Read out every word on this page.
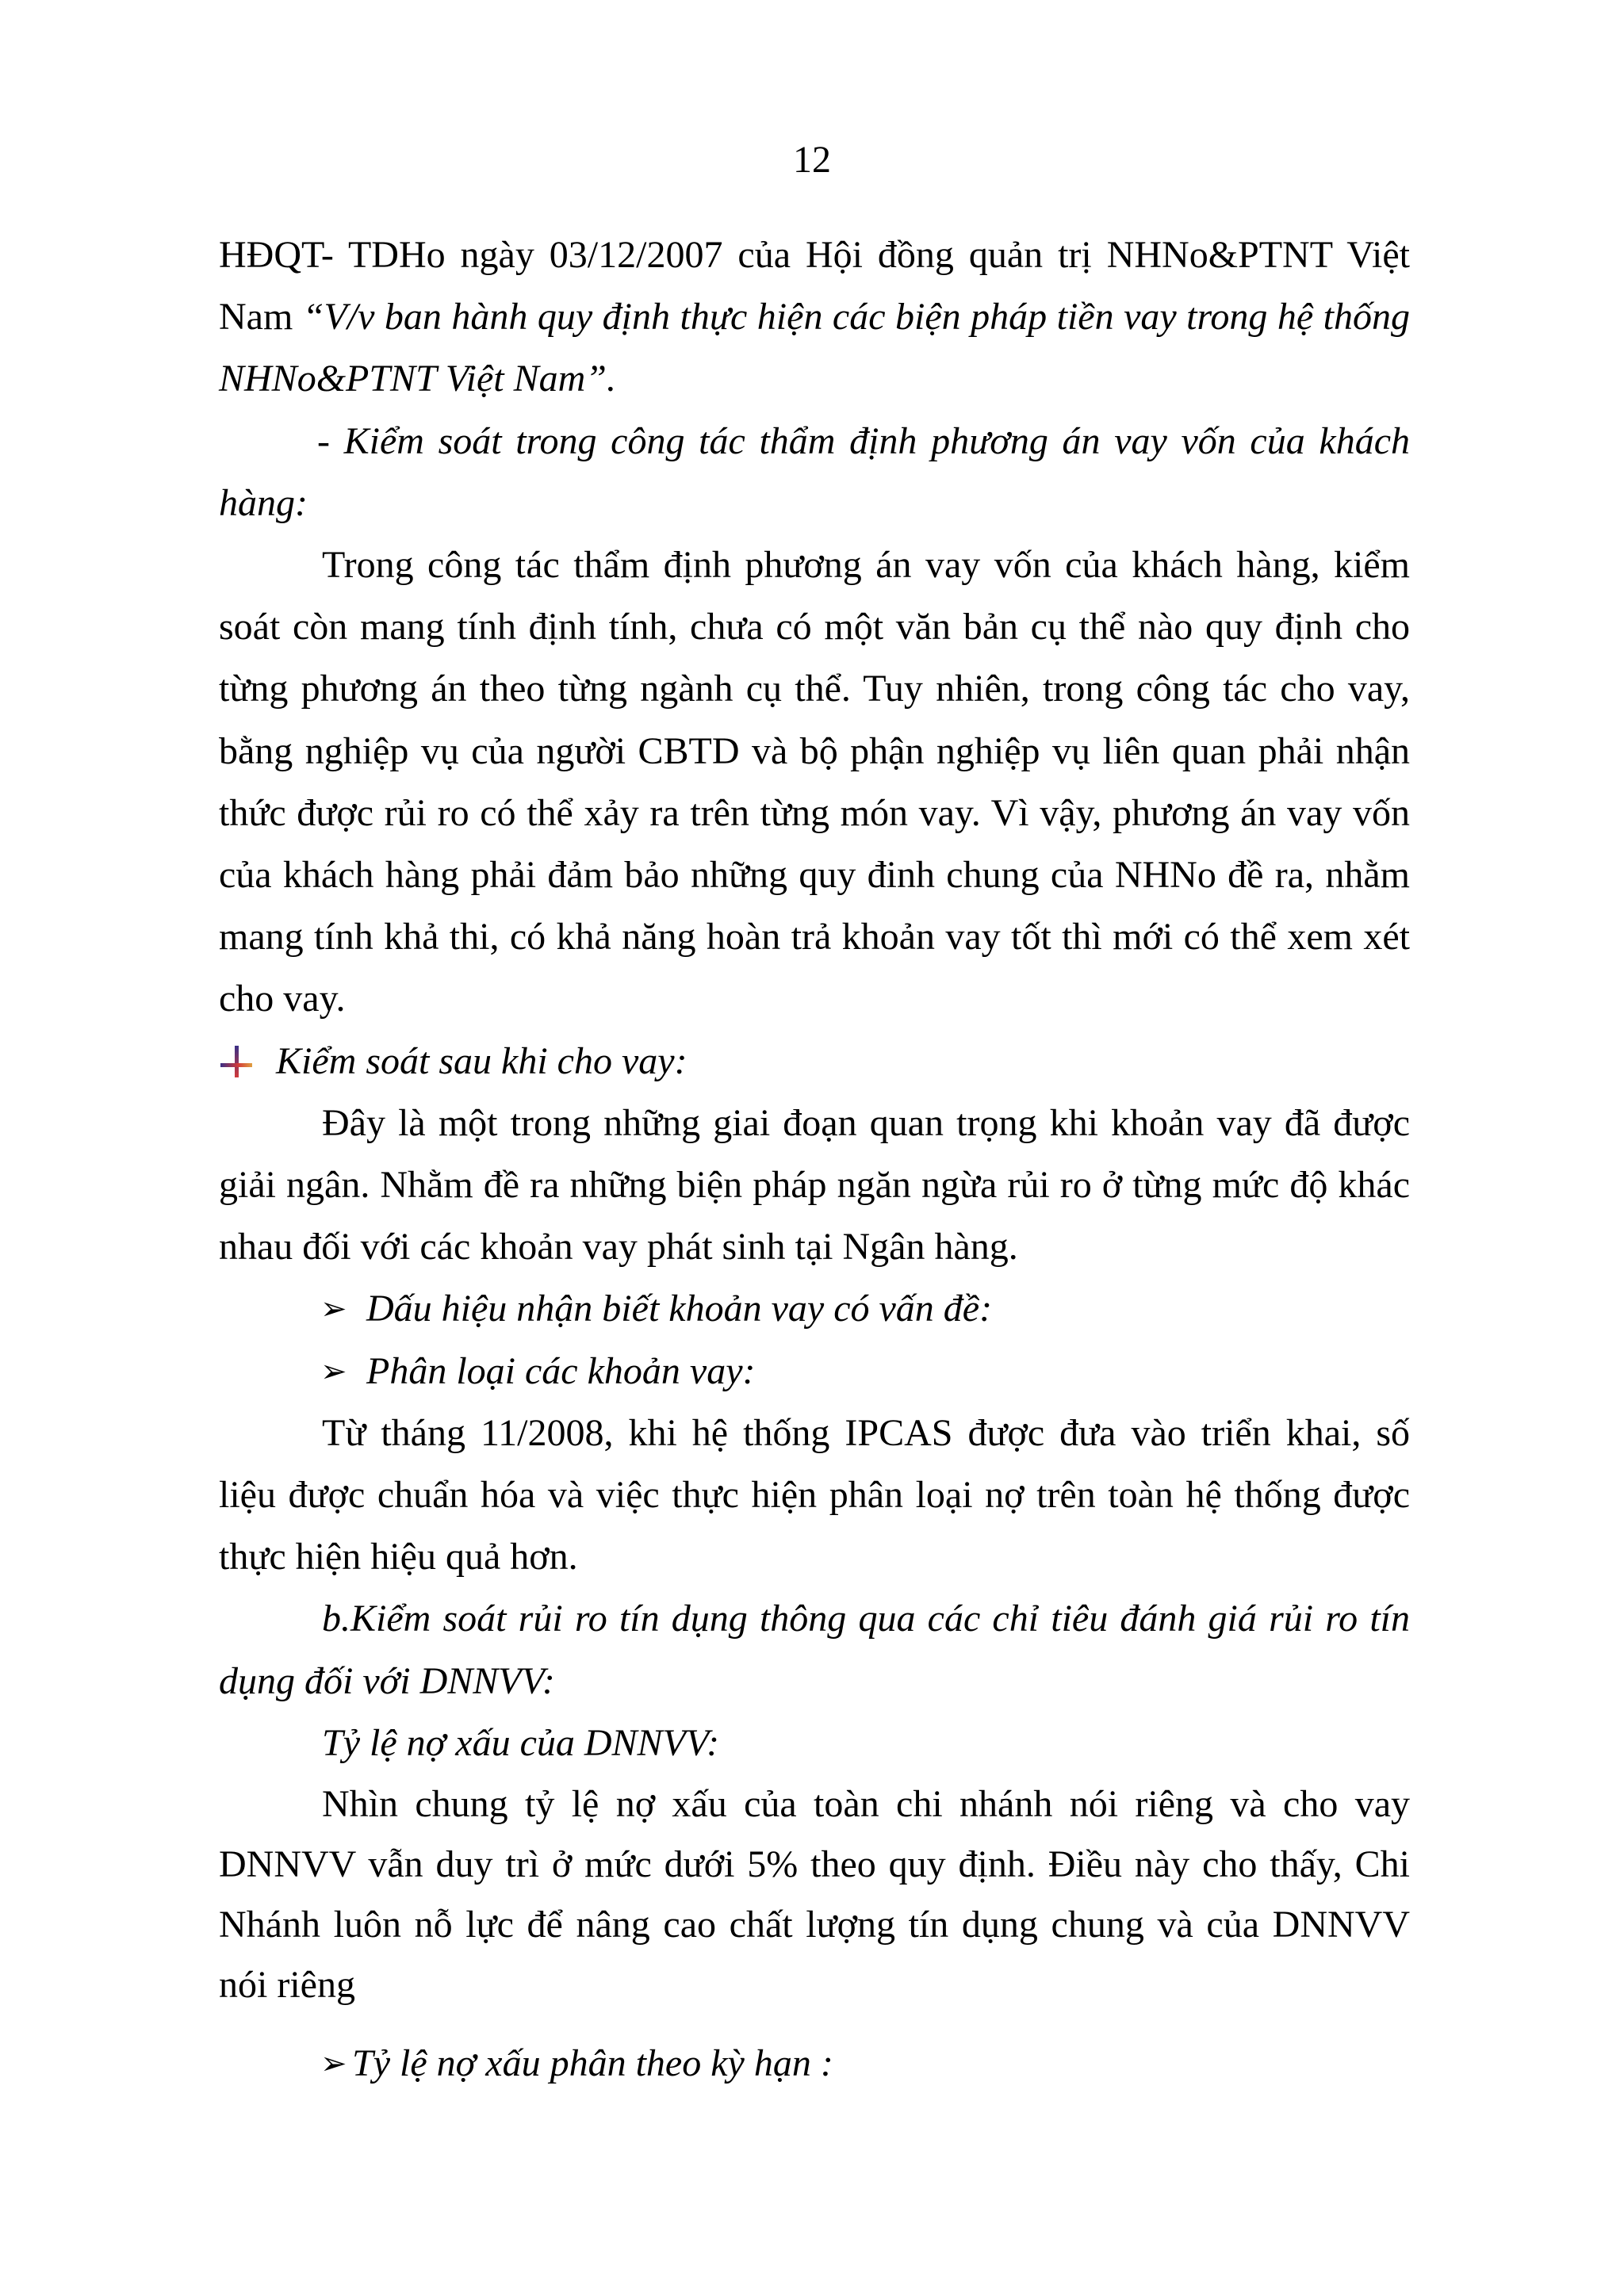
12

HĐQT- TDHo ngày 03/12/2007 của Hội đồng quản trị NHNo&PTNT Việt Nam “V/v ban hành quy định thực hiện các biện pháp tiền vay trong hệ thống NHNo&PTNT Việt Nam”.

- Kiểm soát trong công tác thẩm định phương án vay vốn của khách hàng:

Trong công tác thẩm định phương án vay vốn của khách hàng, kiểm soát còn mang tính định tính, chưa có một văn bản cụ thể nào quy định cho từng phương án theo từng ngành cụ thể. Tuy nhiên, trong công tác cho vay, bằng nghiệp vụ của người CBTD và bộ phận nghiệp vụ liên quan phải nhận thức được rủi ro có thể xảy ra trên từng món vay. Vì vậy, phương án vay vốn của khách hàng phải đảm bảo những quy đinh chung của NHNo đề ra, nhằm mang tính khả thi, có khả năng hoàn trả khoản vay tốt thì mới có thể xem xét cho vay.

Kiểm soát sau khi cho vay:

Đây là một trong những giai đoạn quan trọng khi khoản vay đã được giải ngân. Nhằm đề ra những biện pháp ngăn ngừa rủi ro ở từng mức độ khác nhau đối với các khoản vay phát sinh tại Ngân hàng.

➢ Dấu hiệu nhận biết khoản vay có vấn đề:

➢ Phân loại các khoản vay:

Từ tháng 11/2008, khi hệ thống IPCAS được đưa vào triển khai, số liệu được chuẩn hóa và việc thực hiện phân loại nợ trên toàn hệ thống được thực hiện hiệu quả hơn.

b.Kiểm soát rủi ro tín dụng thông qua các chỉ tiêu đánh giá rủi ro tín dụng đối với DNNVV:

Tỷ lệ nợ xấu của DNNVV:

Nhìn chung tỷ lệ nợ xấu của toàn chi nhánh nói riêng và cho vay DNNVV vẫn duy trì ở mức dưới 5% theo quy định. Điều này cho thấy, Chi Nhánh luôn nỗ lực để nâng cao chất lượng tín dụng chung và của DNNVV nói riêng

➢ Tỷ lệ nợ xấu phân theo kỳ hạn :
